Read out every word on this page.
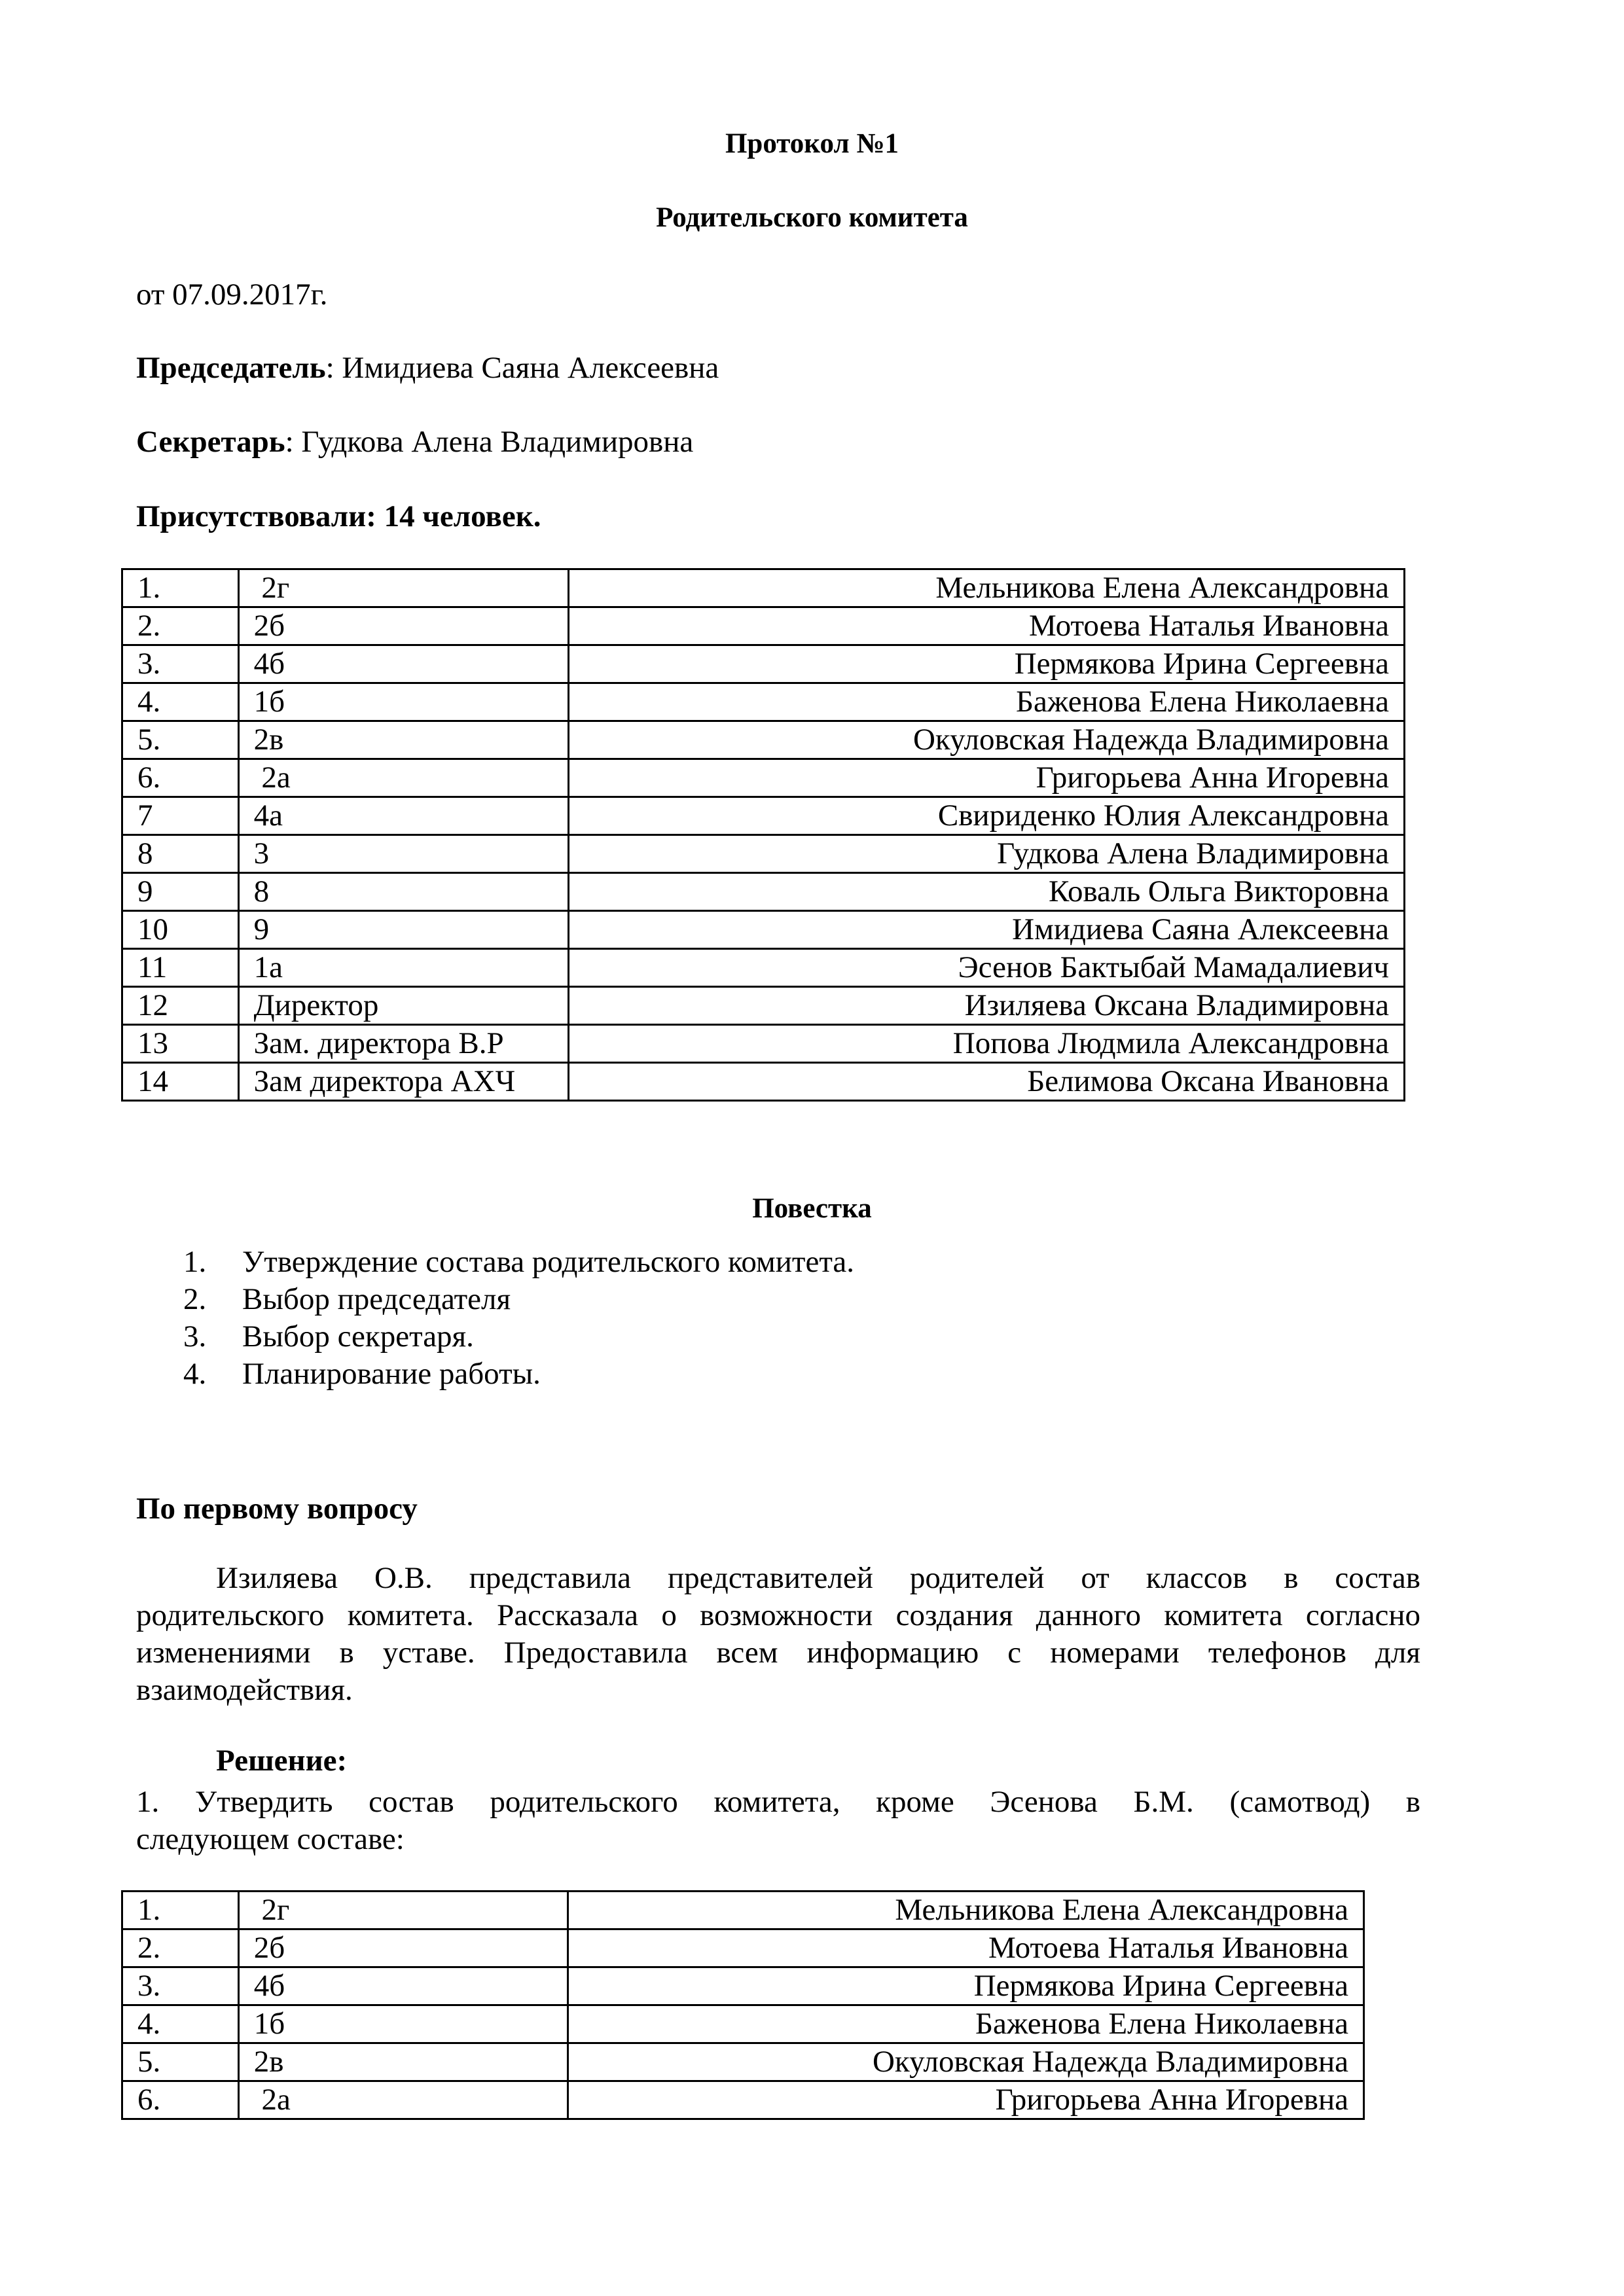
Протокол №1
Родительского комитета
от 07.09.2017г.
Председатель: Имидиева Саяна Алексеевна
Секретарь: Гудкова Алена Владимировна
Присутствовали: 14 человек.
1.	2г	Мельникова Елена Александровна
2.	2б	Мотоева Наталья Ивановна
3.	4б	Пермякова Ирина Сергеевна
4.	1б	Баженова Елена Николаевна
5.	2в	Окуловская Надежда Владимировна
6.	2а	Григорьева Анна Игоревна
7	4а	Свириденко Юлия Александровна
8	3	Гудкова Алена Владимировна
9	8	Коваль Ольга Викторовна
10	9	Имидиева Саяна Алексеевна
11	1а	Эсенов Бактыбай Мамадалиевич
12	Директор	Изиляева Оксана Владимировна
13	Зам. директора В.Р	Попова Людмила Александровна
14	Зам директора АХЧ	Белимова Оксана Ивановна
Повестка
1. Утверждение состава родительского комитета.
2. Выбор председателя
3. Выбор секретаря.
4. Планирование работы.
По первому вопросу
Изиляева О.В. представила представителей родителей от классов в состав
родительского комитета. Рассказала о возможности создания данного комитета согласно
изменениями в уставе. Предоставила всем информацию с номерами телефонов для
взаимодействия.
Решение:
1. Утвердить состав родительского комитета, кроме Эсенова Б.М. (самотвод) в
следующем составе:
1.	2г	Мельникова Елена Александровна
2.	2б	Мотоева Наталья Ивановна
3.	4б	Пермякова Ирина Сергеевна
4.	1б	Баженова Елена Николаевна
5.	2в	Окуловская Надежда Владимировна
6.	2а	Григорьева Анна Игоревна
